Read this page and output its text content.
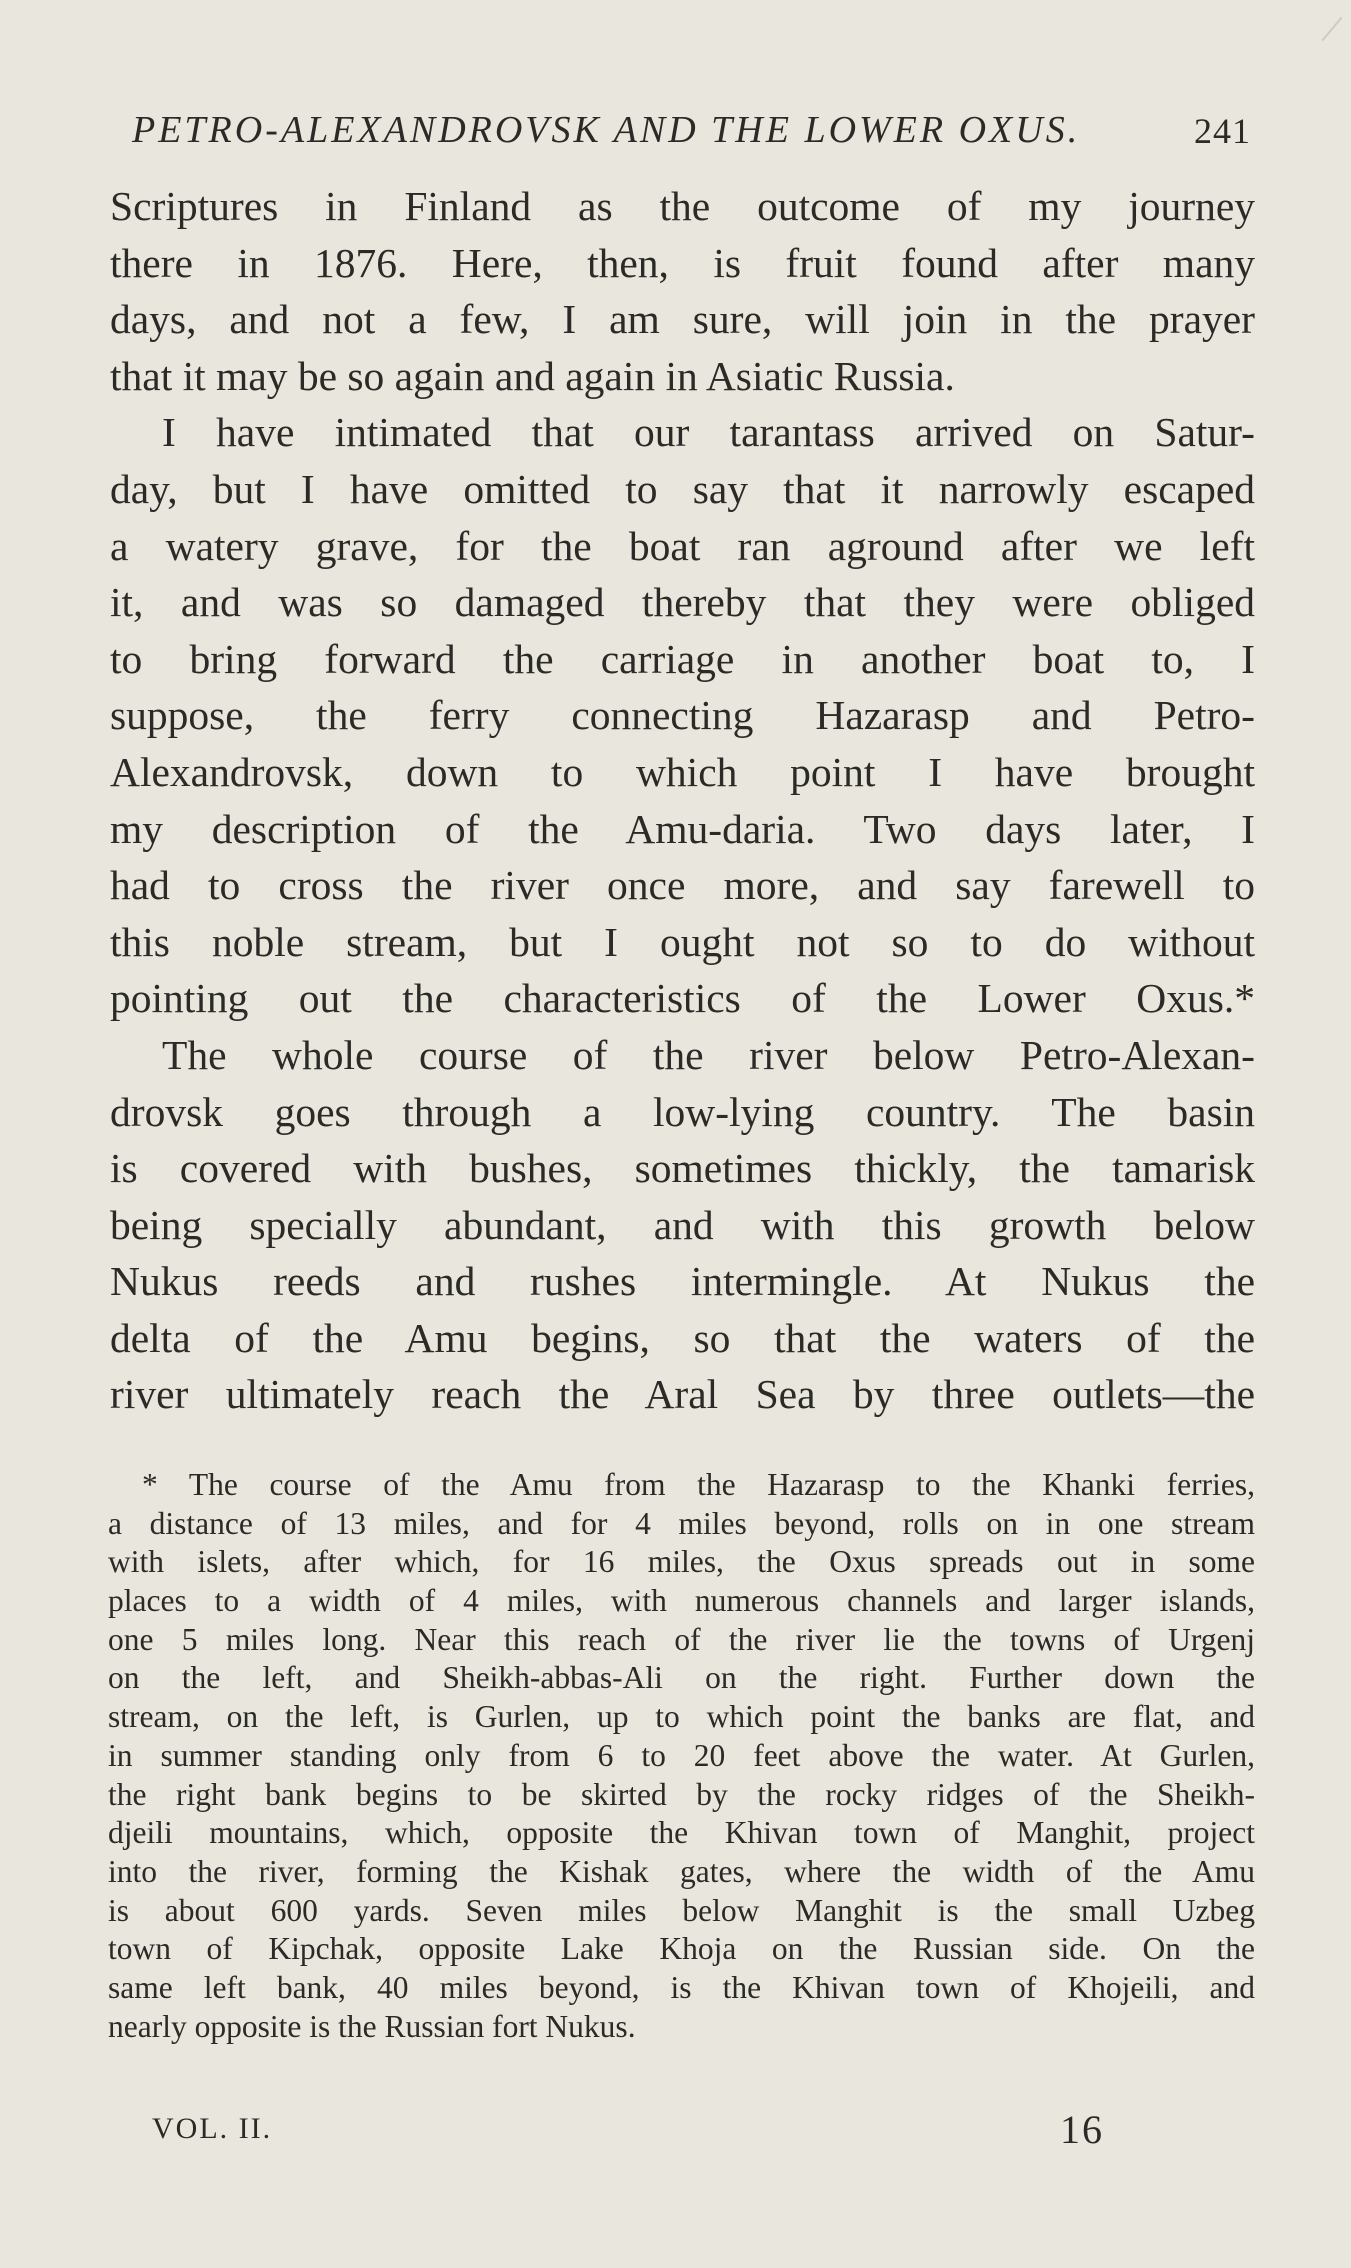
PETRO-ALEXANDROVSK AND THE LOWER OXUS.	241
Scriptures in Finland as the outcome of my journey
there in 1876. Here, then, is fruit found after many
days, and not a few, I am sure, will join in the prayer
that it may be so again and again in Asiatic Russia.
I have intimated that our tarantass arrived on Satur-
day, but I have omitted to say that it narrowly escaped
a watery grave, for the boat ran aground after we left
it, and was so damaged thereby that they were obliged
to bring forward the carriage in another boat to, I
suppose, the ferry connecting Hazarasp and Petro-
Alexandrovsk, down to which point I have brought
my description of the Amu-daria. Two days later, I
had to cross the river once more, and say farewell to
this noble stream, but I ought not so to do without
pointing out the characteristics of the Lower Oxus.*
The whole course of the river below Petro-Alexan-
drovsk goes through a low-lying country. The basin
is covered with bushes, sometimes thickly, the tamarisk
being specially abundant, and with this growth below
Nukus reeds and rushes intermingle. At Nukus the
delta of the Amu begins, so that the waters of the
river ultimately reach the Aral Sea by three outlets—the
* The course of the Amu from the Hazarasp to the Khanki ferries,
a distance of 13 miles, and for 4 miles beyond, rolls on in one stream
with islets, after which, for 16 miles, the Oxus spreads out in some
places to a width of 4 miles, with numerous channels and larger islands,
one 5 miles long. Near this reach of the river lie the towns of Urgenj
on the left, and Sheikh-abbas-Ali on the right. Further down the
stream, on the left, is Gurlen, up to which point the banks are flat, and
in summer standing only from 6 to 20 feet above the water. At Gurlen,
the right bank begins to be skirted by the rocky ridges of the Sheikh-
djeili mountains, which, opposite the Khivan town of Manghit, project
into the river, forming the Kishak gates, where the width of the Amu
is about 600 yards. Seven miles below Manghit is the small Uzbeg
town of Kipchak, opposite Lake Khoja on the Russian side. On the
same left bank, 40 miles beyond, is the Khivan town of Khojeili, and
nearly opposite is the Russian fort Nukus.
VOL. II.	16
